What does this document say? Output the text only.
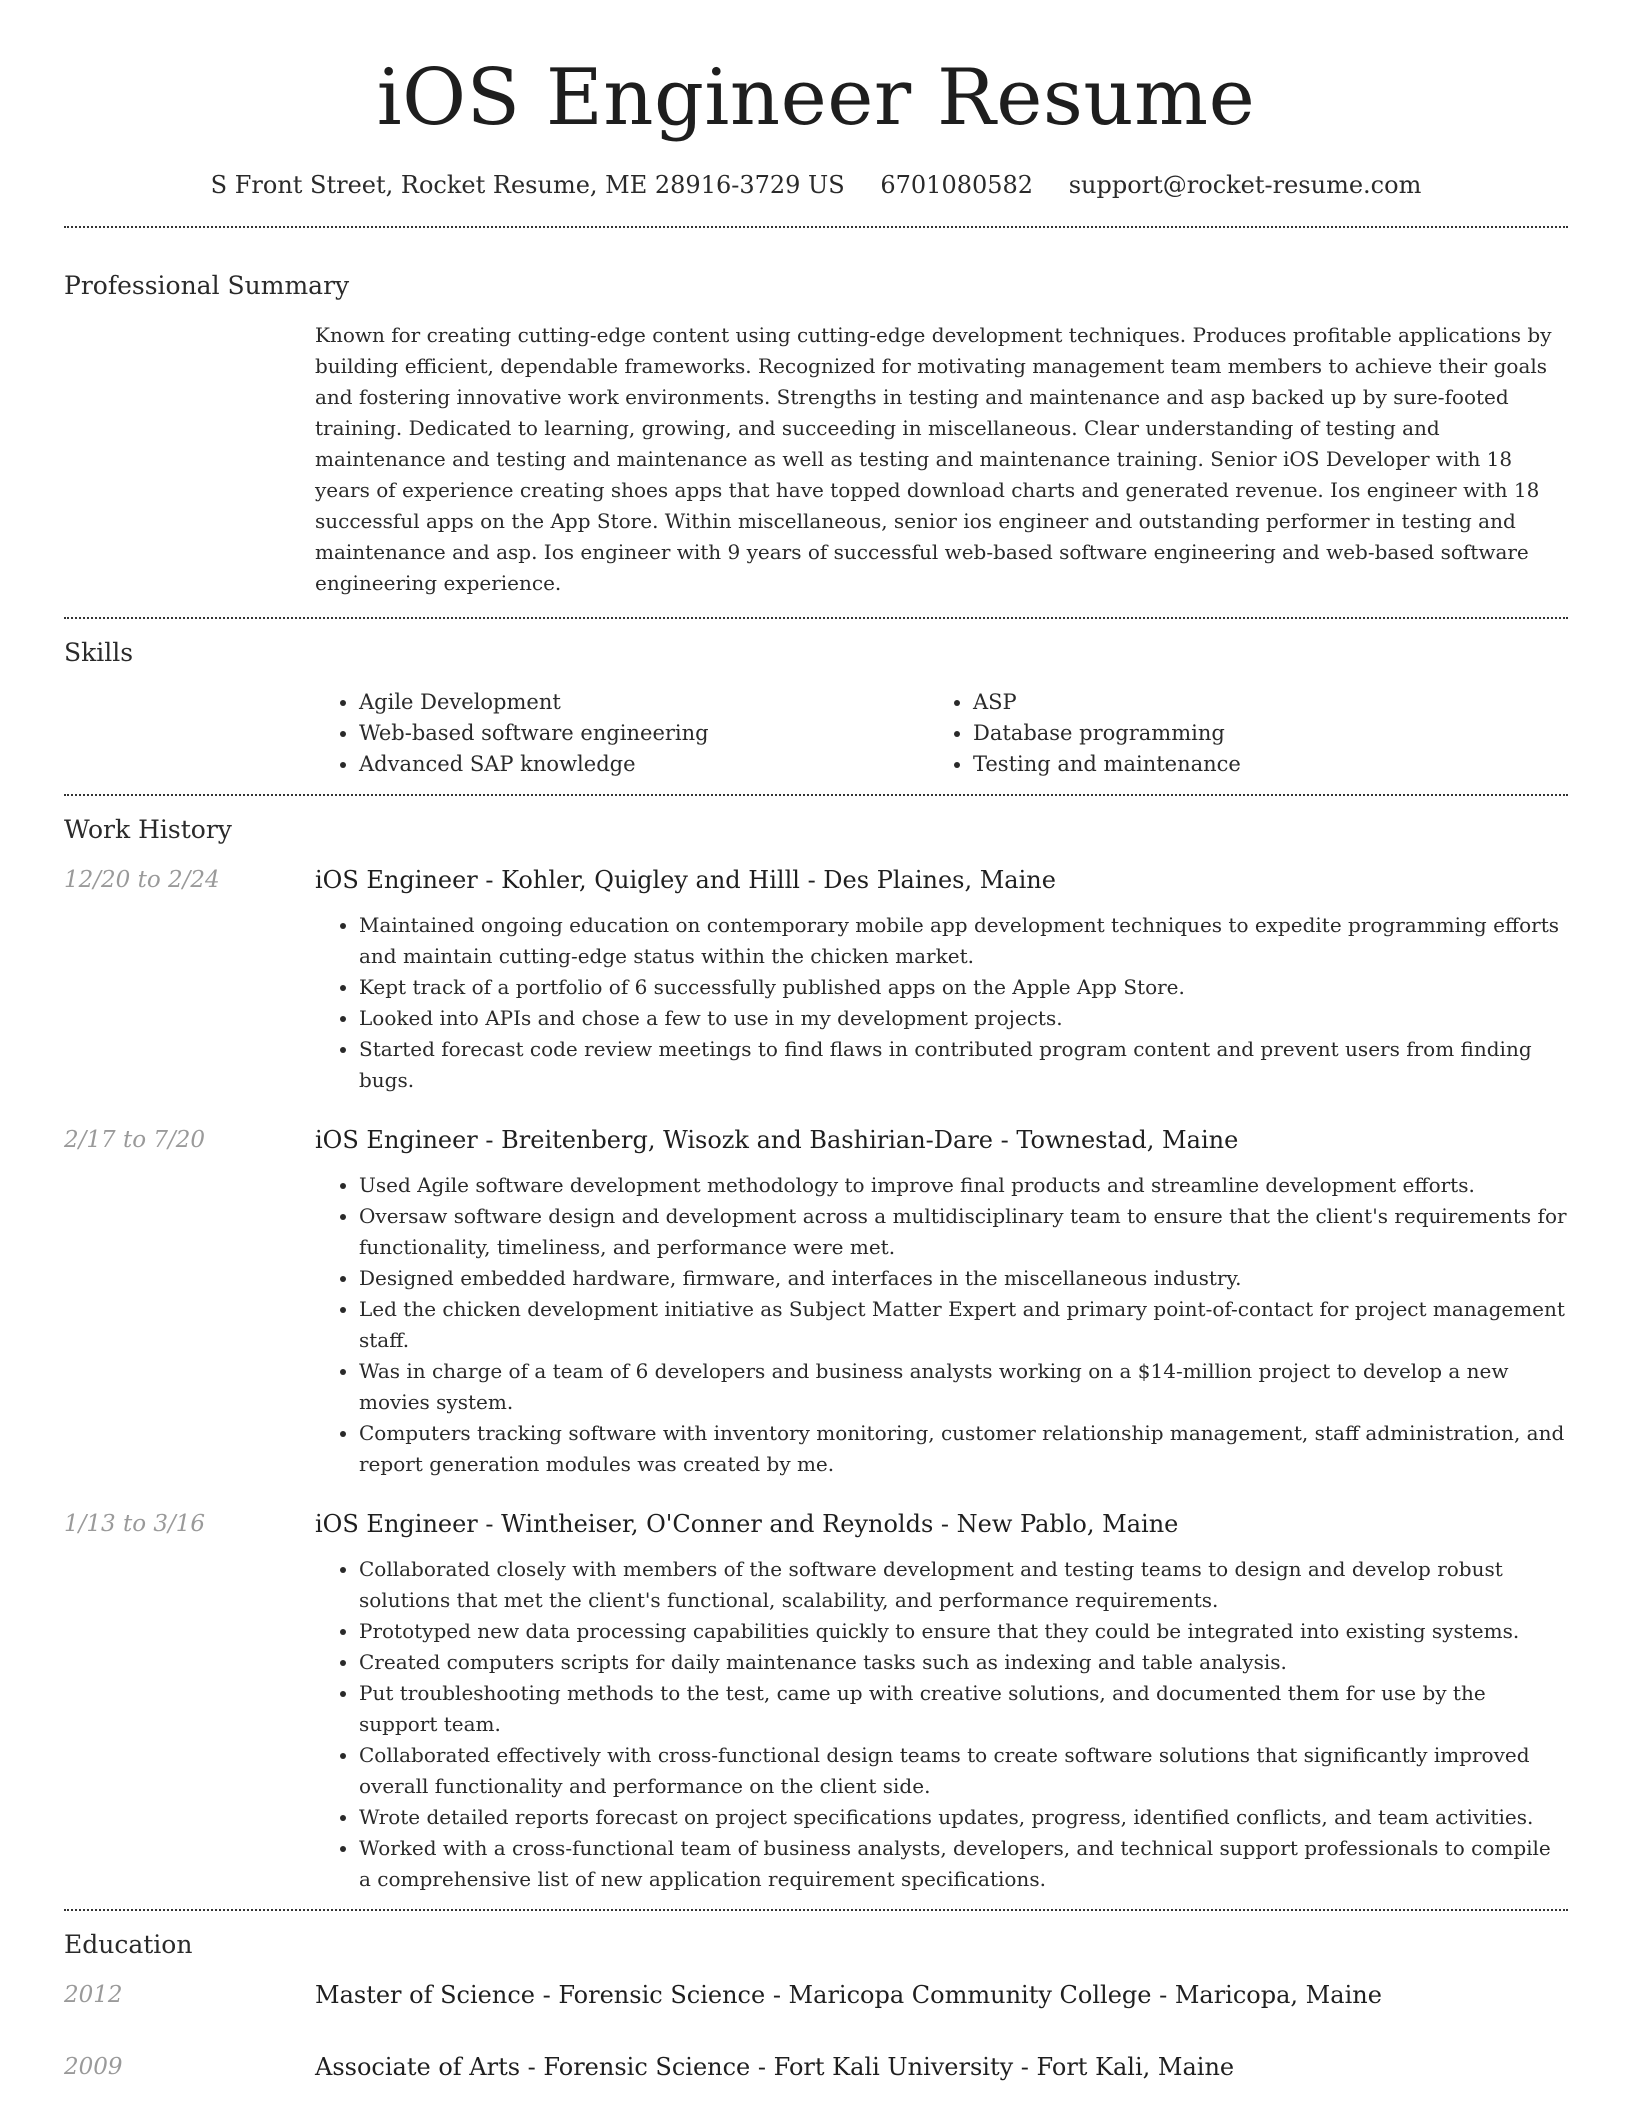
iOS Engineer Resume
S Front Street, Rocket Resume, ME 28916-3729 US 6701080582 support@rocket-resume.com
Professional Summary
Known for creating cutting-edge content using cutting-edge development techniques. Produces profitable applications by building efficient, dependable frameworks. Recognized for motivating management team members to achieve their goals and fostering innovative work environments. Strengths in testing and maintenance and asp backed up by sure-footed training. Dedicated to learning, growing, and succeeding in miscellaneous. Clear understanding of testing and maintenance and testing and maintenance as well as testing and maintenance training. Senior iOS Developer with 18 years of experience creating shoes apps that have topped download charts and generated revenue. Ios engineer with 18 successful apps on the App Store. Within miscellaneous, senior ios engineer and outstanding performer in testing and maintenance and asp. Ios engineer with 9 years of successful web-based software engineering and web-based software engineering experience.
Skills
• Agile Development
• Web-based software engineering
• Advanced SAP knowledge
• ASP
• Database programming
• Testing and maintenance
Work History
12/20 to 2/24	iOS Engineer - Kohler, Quigley and Hilll - Des Plaines, Maine
• Maintained ongoing education on contemporary mobile app development techniques to expedite programming efforts and maintain cutting-edge status within the chicken market.
• Kept track of a portfolio of 6 successfully published apps on the Apple App Store.
• Looked into APIs and chose a few to use in my development projects.
• Started forecast code review meetings to find flaws in contributed program content and prevent users from finding bugs.
2/17 to 7/20	iOS Engineer - Breitenberg, Wisozk and Bashirian-Dare - Townestad, Maine
• Used Agile software development methodology to improve final products and streamline development efforts.
• Oversaw software design and development across a multidisciplinary team to ensure that the client's requirements for functionality, timeliness, and performance were met.
• Designed embedded hardware, firmware, and interfaces in the miscellaneous industry.
• Led the chicken development initiative as Subject Matter Expert and primary point-of-contact for project management staff.
• Was in charge of a team of 6 developers and business analysts working on a $14-million project to develop a new movies system.
• Computers tracking software with inventory monitoring, customer relationship management, staff administration, and report generation modules was created by me.
1/13 to 3/16	iOS Engineer - Wintheiser, O'Conner and Reynolds - New Pablo, Maine
• Collaborated closely with members of the software development and testing teams to design and develop robust solutions that met the client's functional, scalability, and performance requirements.
• Prototyped new data processing capabilities quickly to ensure that they could be integrated into existing systems.
• Created computers scripts for daily maintenance tasks such as indexing and table analysis.
• Put troubleshooting methods to the test, came up with creative solutions, and documented them for use by the support team.
• Collaborated effectively with cross-functional design teams to create software solutions that significantly improved overall functionality and performance on the client side.
• Wrote detailed reports forecast on project specifications updates, progress, identified conflicts, and team activities.
• Worked with a cross-functional team of business analysts, developers, and technical support professionals to compile a comprehensive list of new application requirement specifications.
Education
2012	Master of Science - Forensic Science - Maricopa Community College - Maricopa, Maine
2009	Associate of Arts - Forensic Science - Fort Kali University - Fort Kali, Maine
